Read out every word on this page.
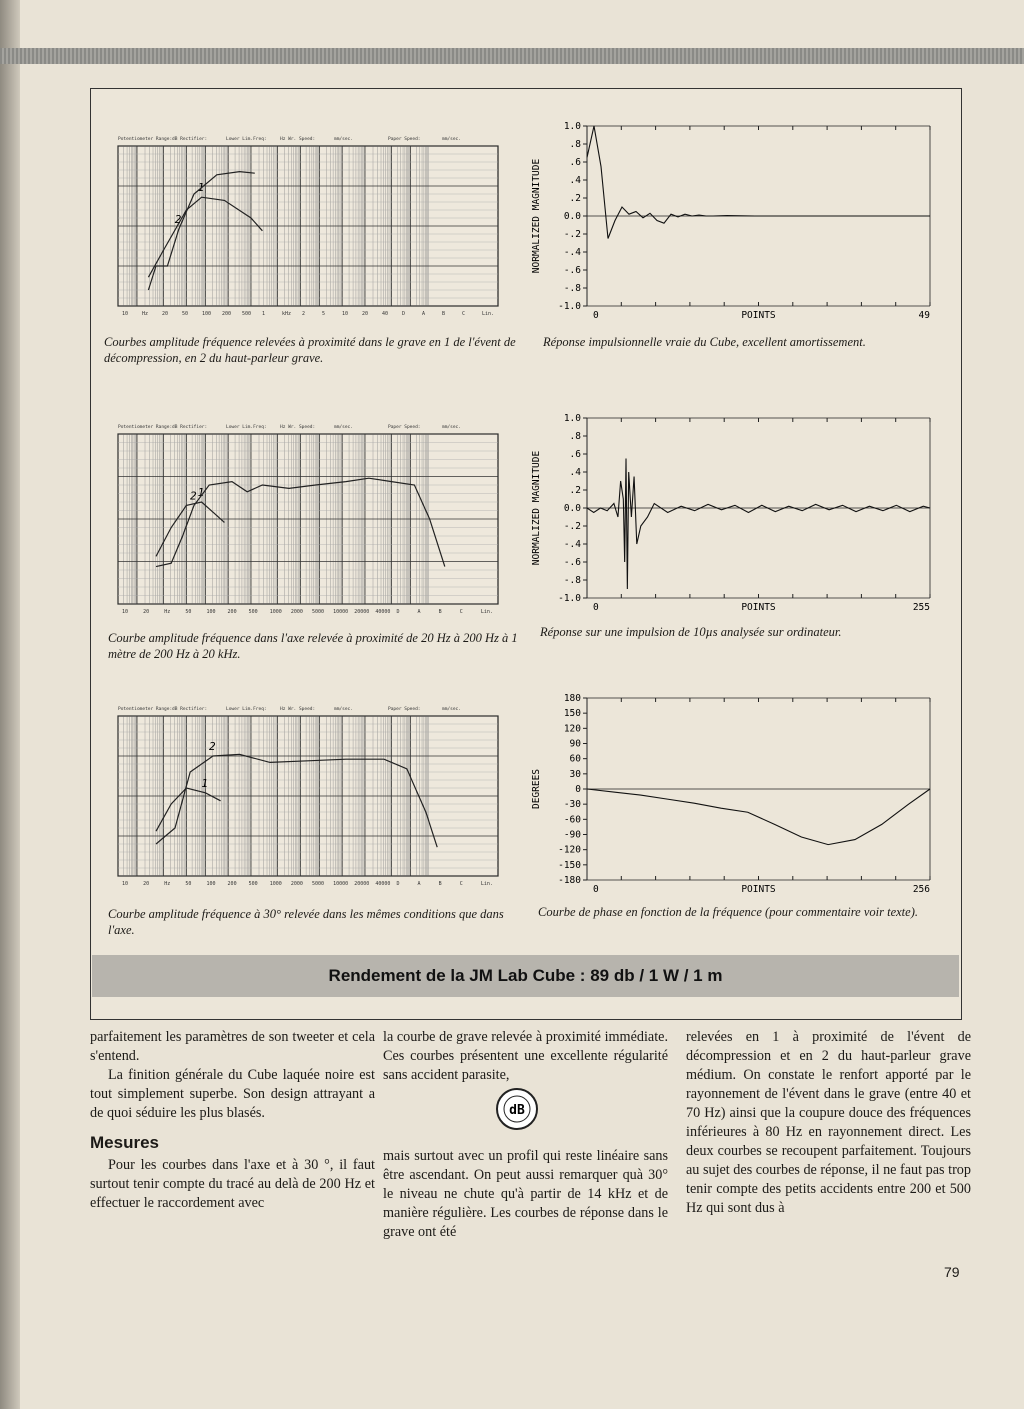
Potentiometer Range: dB Rectifier:	Lower Lim.Freq:	Hz Wr. Speed:	mm/sec.	Paper Speed:	mm/sec.
10	Hz	20	50	100 200 500 1	kHz 2	5	10	20	40	D	A	B	C	Lin.
1
2
Courbes amplitude fréquence relevées à proximité dans le grave en 1 de l'évent de décompression, en 2 du haut-parleur grave.
Potentiometer Range: dB Rectifier:	Lower Lim.Freq:	Hz Wr. Speed:	mm/sec.	Paper Speed:	mm/sec.
10	20	Hz	50	100 200 500 1000 2000 5000 10000 20000 40000 D	A	B	C	Lin.
1
2
Courbe amplitude fréquence dans l'axe relevée à proximité de 20 Hz à 200 Hz à 1 mètre de 200 Hz à 20 kHz.
Potentiometer Range: dB Rectifier:	Lower Lim.Freq:	Hz Wr. Speed:	mm/sec.	Paper Speed:	mm/sec.
10	20	Hz	50	100 200 500 1000 2000 5000 10000 20000 40000 D	A	B	C	Lin.
1
2
Courbe amplitude fréquence à 30° relevée dans les mêmes conditions que dans l'axe.
1.0
.8
.6
.4
.2
0.0
-.2
-.4
-.6
-.8
-1.0
0	49
POINTS
NORMALIZED MAGNITUDE
Réponse impulsionnelle vraie du Cube, excellent amortissement.
1.0
.8
.6
.4
.2
0.0
-.2
-.4
-.6
-.8
-1.0
0	255
POINTS
NORMALIZED MAGNITUDE
Réponse sur une impulsion de 10µs analysée sur ordinateur.
180
150
120
90
60
30
0
-30
-60
-90
-120
-150
-180
0	256
POINTS
DEGREES
Courbe de phase en fonction de la fréquence (pour commentaire voir texte).
Rendement de la JM Lab Cube : 89 db / 1 W / 1 m

parfaitement les paramètres de son tweeter et cela s'entend.

La finition générale du Cube laquée noire est tout simplement superbe. Son design attrayant a de quoi séduire les plus blasés.

Mesures

Pour les courbes dans l'axe et à 30 °, il faut surtout tenir compte du tracé au delà de 200 Hz et effectuer le raccordement avec

la courbe de grave relevée à proximité immédiate. Ces courbes présentent une excellente régularité sans accident parasite,

mais surtout avec un profil qui reste linéaire sans être ascendant. On peut aussi remarquer quà 30° le niveau ne chute qu'à partir de 14 kHz et de manière régulière. Les courbes de réponse dans le grave ont été

relevées en 1 à proximité de l'évent de décompression et en 2 du haut-parleur grave médium. On constate le renfort apporté par le rayonnement de l'évent dans le grave (entre 40 et 70 Hz) ainsi que la coupure douce des fréquences inférieures à 80 Hz en rayonnement direct. Les deux courbes se recoupent parfaitement. Toujours au sujet des courbes de réponse, il ne faut pas trop tenir compte des petits accidents entre 200 et 500 Hz qui sont dus à

dB
79
